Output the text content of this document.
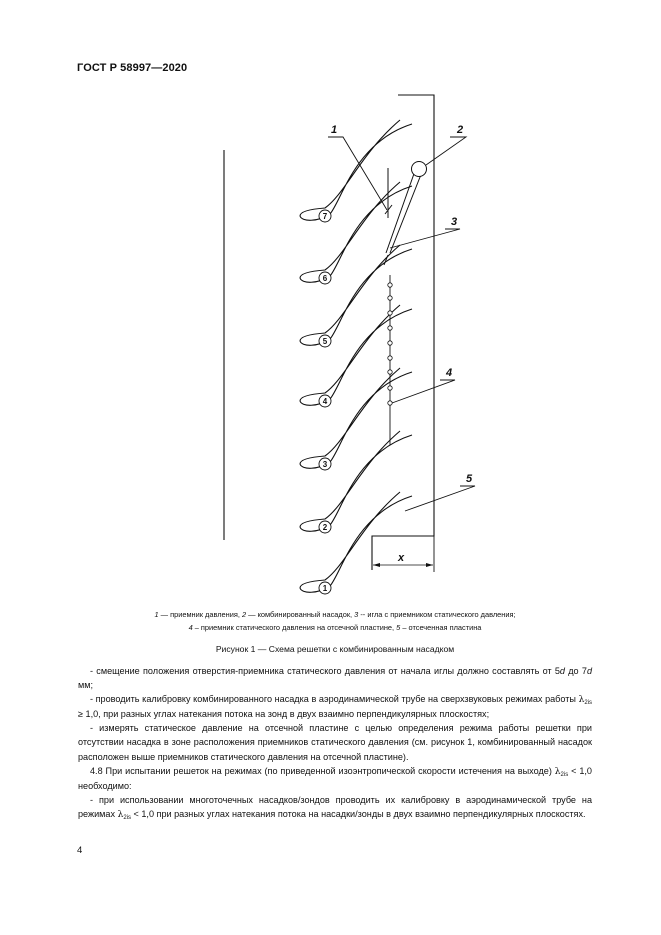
ГОСТ Р 58997—2020
1
2
3
4
5
6
7
1	2
3
4
5
x
1 — приемник давления, 2 — комбинированный насадок, 3 -- игла с приемником статического давления;
4 – приемник статического давления на отсечной пластине, 5 – отсеченная пластина
Рисунок 1 — Схема решетки с комбинированным насадком

- смещение положения отверстия-приемника статического давления от начала иглы должно составлять от 5d до 7d мм;

- проводить калибровку комбинированного насадка в аэродинамической трубе на сверхзвуковых режимах работы $\lambda_{2is} \ge 1,0$, при разных углах натекания потока на зонд в двух взаимно перпендикулярных плоскостях;

- измерять статическое давление на отсечной пластине с целью определения режима работы решетки при отсутствии насадка в зоне расположения приемников статического давления (см. рисунок 1, комбинированный насадок расположен выше приемников статического давления на отсечной пластине).

4.8 При испытании решеток на режимах (по приведенной изоэнтропической скорости истечения на выходе) $\lambda_{2is} < 1,0$ необходимо:

- при использовании многоточечных насадков/зондов проводить их калибровку в аэродинамической трубе на режимах $\lambda_{2is} < 1,0$ при разных углах натекания потока на насадки/зонды в двух взаимно перпендикулярных плоскостях.

4
